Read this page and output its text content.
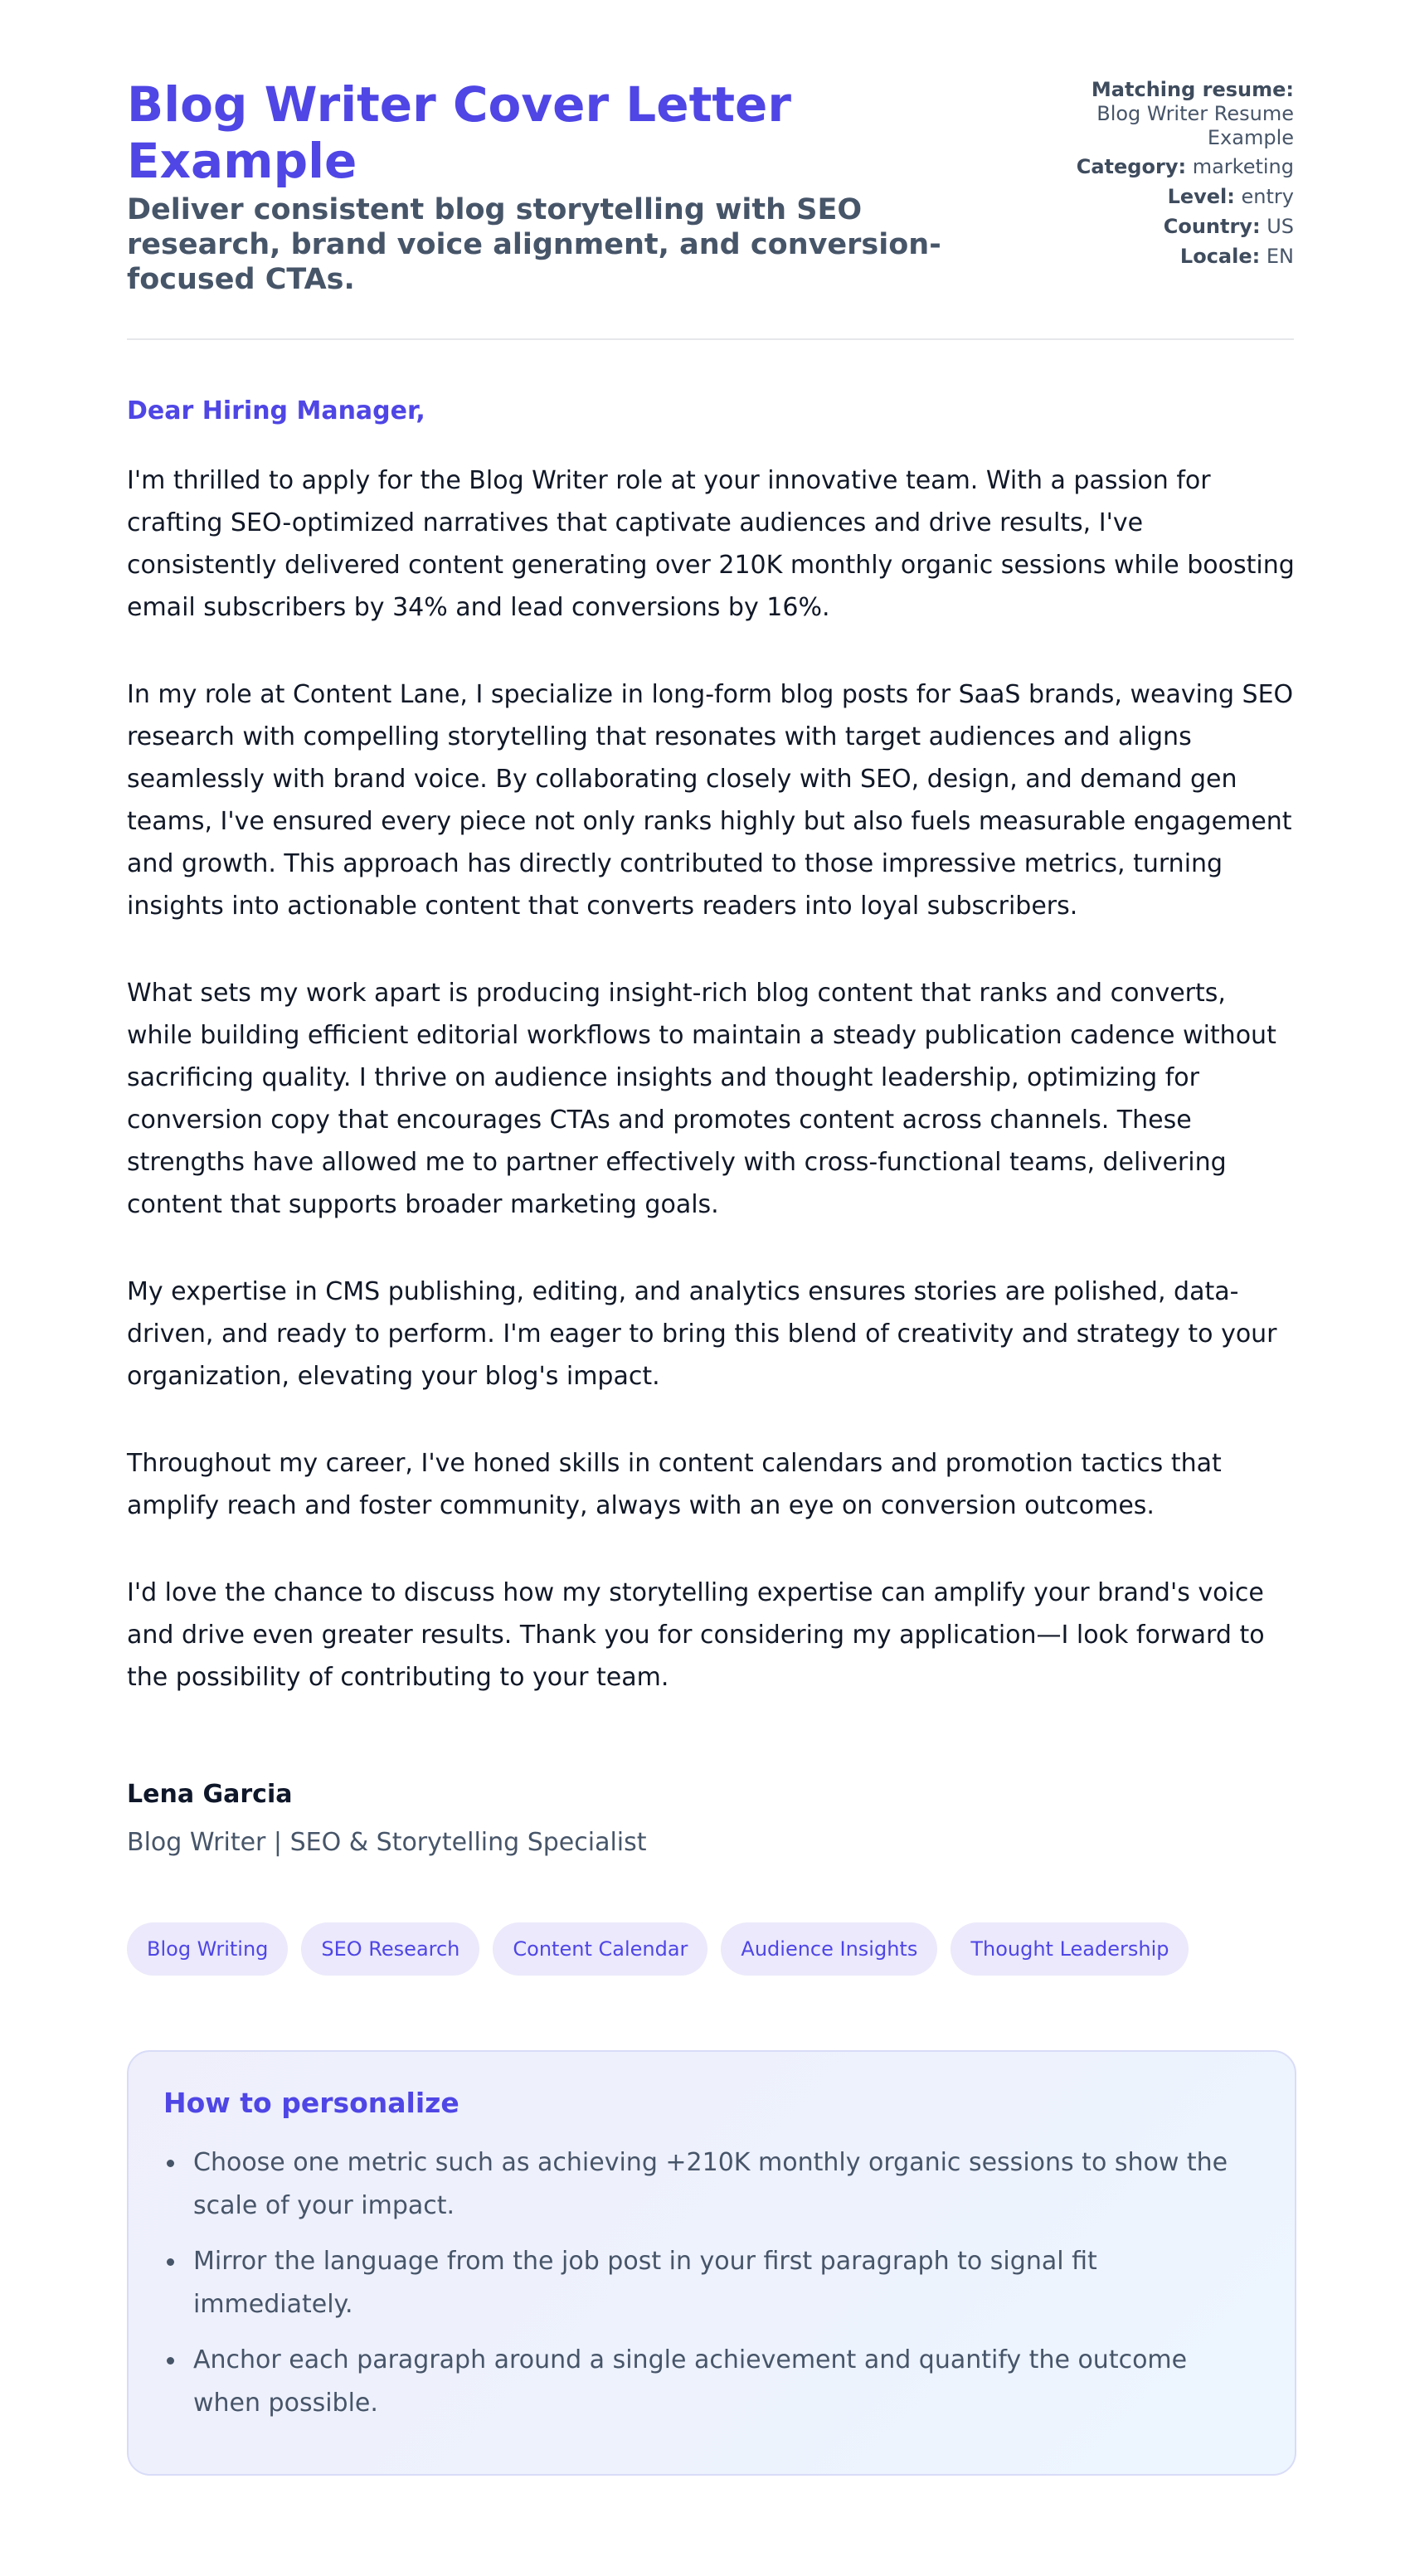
Blog Writer Cover Letter Example
Deliver consistent blog storytelling with SEO research, brand voice alignment, and conversion-focused CTAs.
Matching resume:
Blog Writer Resume Example
Category: marketing
Level: entry
Country: US
Locale: EN

Dear Hiring Manager,

I'm thrilled to apply for the Blog Writer role at your innovative team. With a passion for crafting SEO-optimized narratives that captivate audiences and drive results, I've consistently delivered content generating over 210K monthly organic sessions while boosting email subscribers by 34% and lead conversions by 16%.

In my role at Content Lane, I specialize in long-form blog posts for SaaS brands, weaving SEO research with compelling storytelling that resonates with target audiences and aligns seamlessly with brand voice. By collaborating closely with SEO, design, and demand gen teams, I've ensured every piece not only ranks highly but also fuels measurable engagement and growth. This approach has directly contributed to those impressive metrics, turning insights into actionable content that converts readers into loyal subscribers.

What sets my work apart is producing insight-rich blog content that ranks and converts, while building efficient editorial workflows to maintain a steady publication cadence without sacrificing quality. I thrive on audience insights and thought leadership, optimizing for conversion copy that encourages CTAs and promotes content across channels. These strengths have allowed me to partner effectively with cross-functional teams, delivering content that supports broader marketing goals.

My expertise in CMS publishing, editing, and analytics ensures stories are polished, data-driven, and ready to perform. I'm eager to bring this blend of creativity and strategy to your organization, elevating your blog's impact.

Throughout my career, I've honed skills in content calendars and promotion tactics that amplify reach and foster community, always with an eye on conversion outcomes.

I'd love the chance to discuss how my storytelling expertise can amplify your brand's voice and drive even greater results. Thank you for considering my application—I look forward to the possibility of contributing to your team.

Lena Garcia
Blog Writer | SEO & Storytelling Specialist
Blog Writing	SEO Research	Content Calendar	Audience Insights	Thought Leadership
How to personalize
Choose one metric such as achieving +210K monthly organic sessions to show the scale of your impact.
Mirror the language from the job post in your first paragraph to signal fit immediately.
Anchor each paragraph around a single achievement and quantify the outcome when possible.
